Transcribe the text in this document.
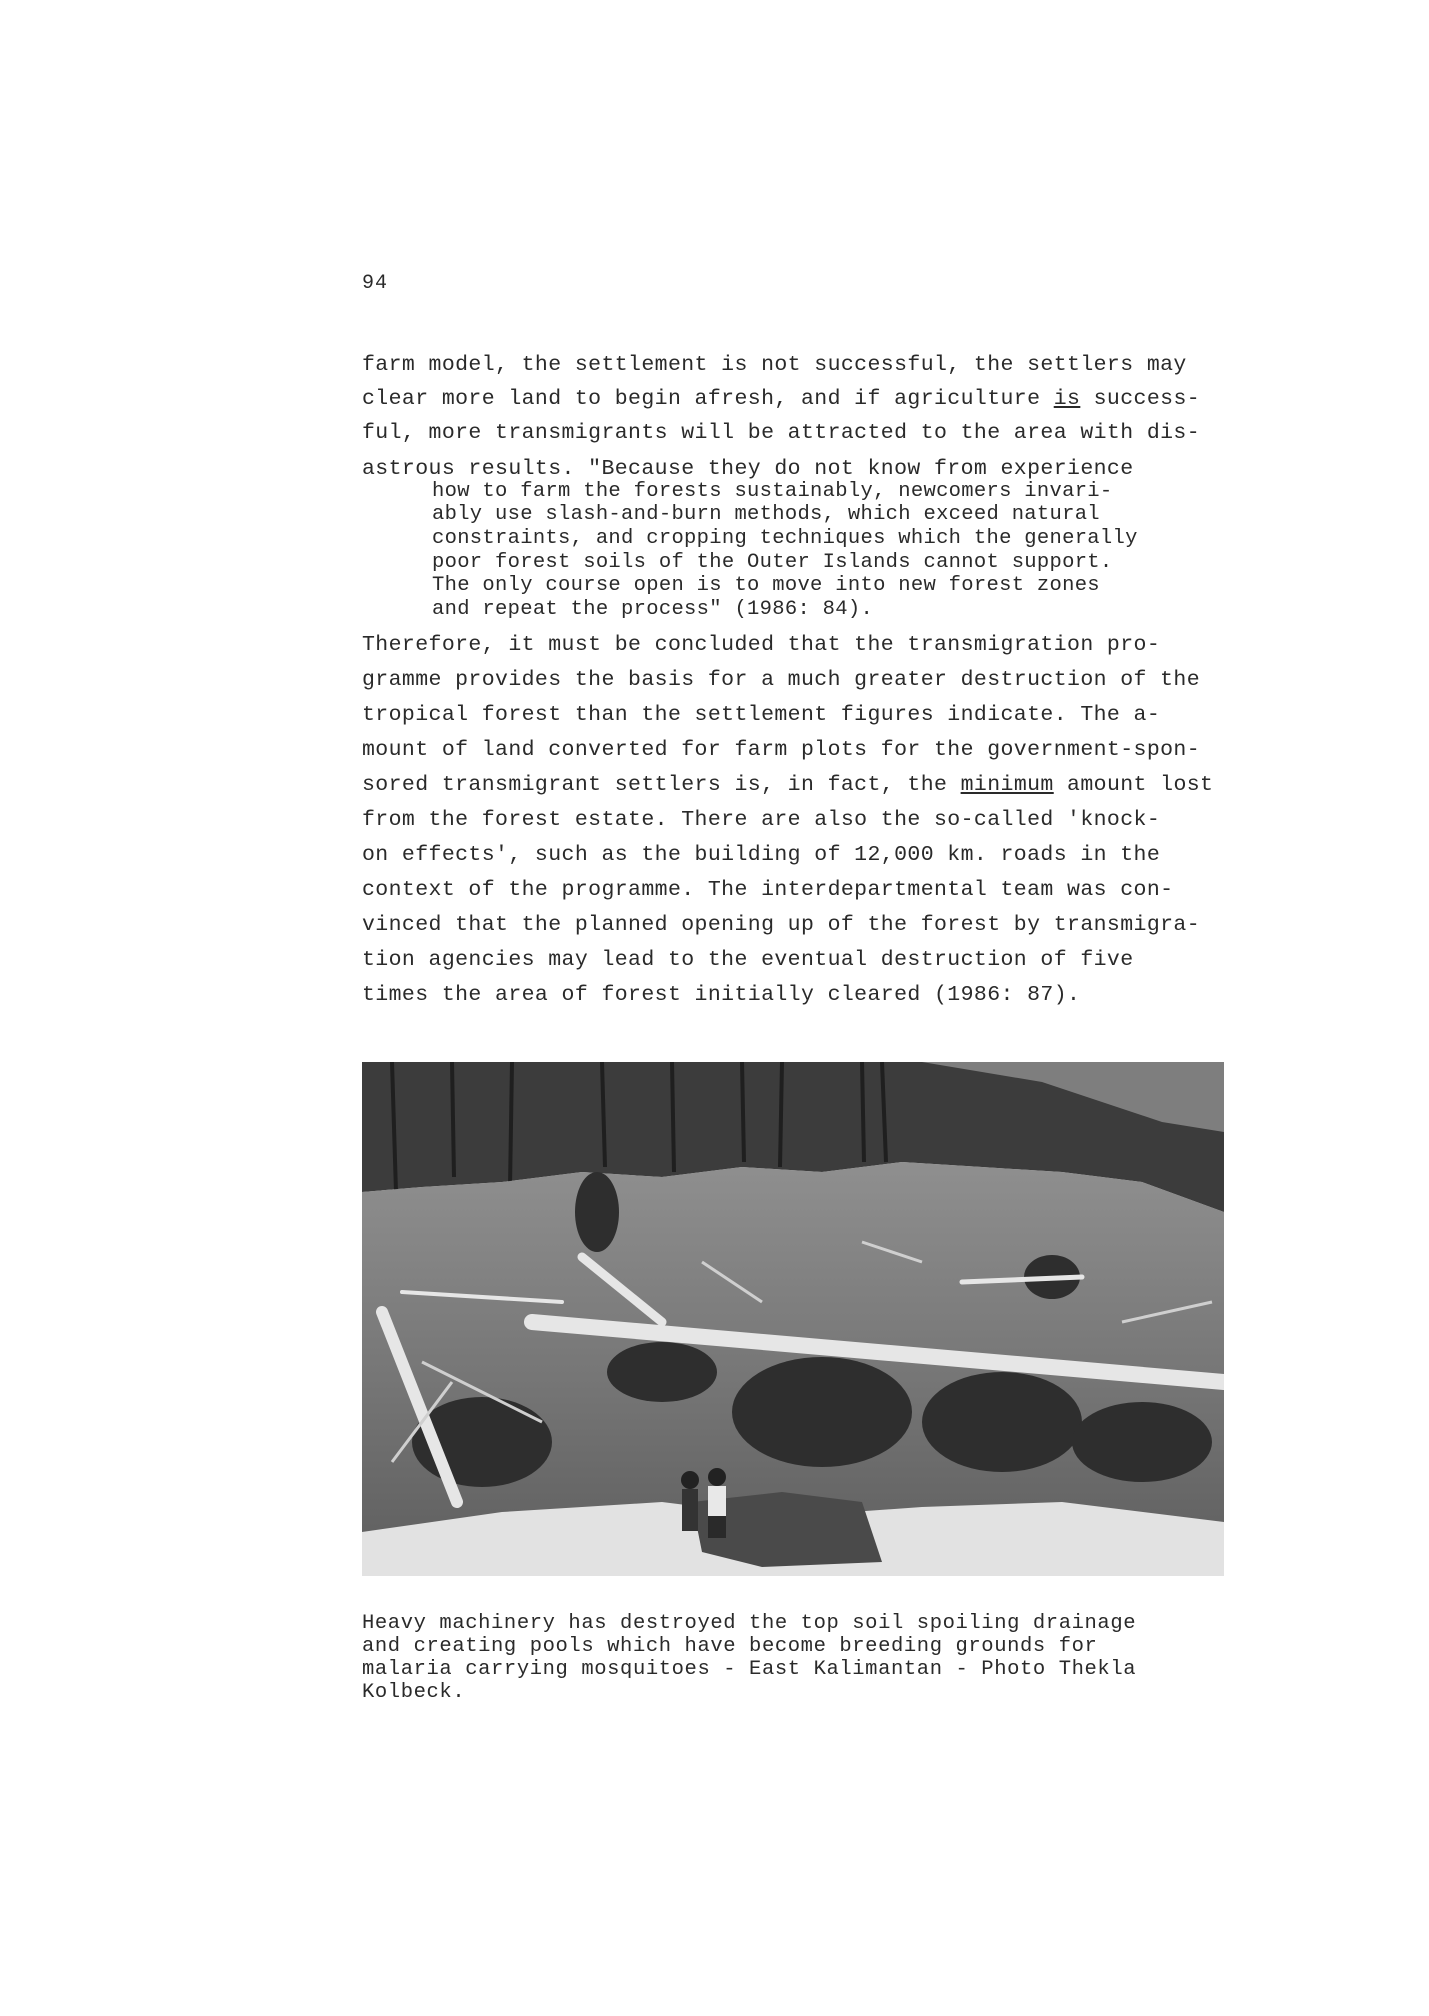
94
farm model, the settlement is not successful, the settlers may
clear more land to begin afresh, and if agriculture is success-
ful, more transmigrants will be attracted to the area with dis-
astrous results. "Because they do not know from experience
how to farm the forests sustainably, newcomers invari-
ably use slash-and-burn methods, which exceed natural
constraints, and cropping techniques which the generally
poor forest soils of the Outer Islands cannot support.
The only course open is to move into new forest zones
and repeat the process" (1986: 84).
Therefore, it must be concluded that the transmigration pro-
gramme provides the basis for a much greater destruction of the
tropical forest than the settlement figures indicate. The a-
mount of land converted for farm plots for the government-spon-
sored transmigrant settlers is, in fact, the minimum amount lost
from the forest estate. There are also the so-called 'knock-
on effects', such as the building of 12,000 km. roads in the
context of the programme. The interdepartmental team was con-
vinced that the planned opening up of the forest by transmigra-
tion agencies may lead to the eventual destruction of five
times the area of forest initially cleared (1986: 87).
Heavy machinery has destroyed the top soil spoiling drainage
and creating pools which have become breeding grounds for
malaria carrying mosquitoes - East Kalimantan - Photo Thekla
Kolbeck.
